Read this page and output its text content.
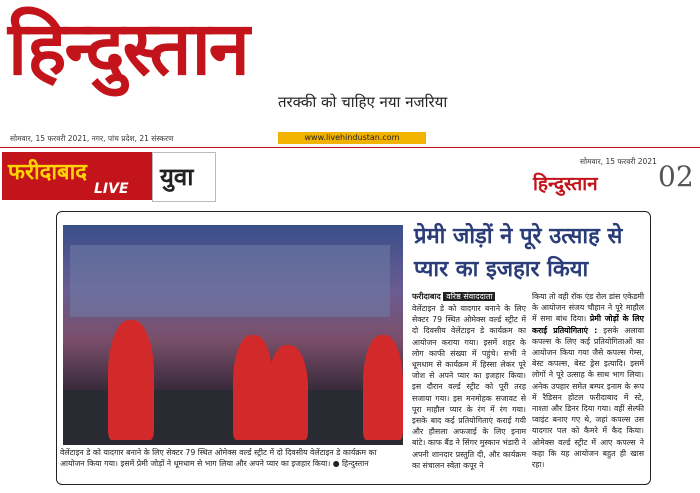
हिन्दुस्तान
तरक्की को चाहिए नया नजरिया
सोमवार, 15 फरवरी 2021, नगर, पांच प्रदेश, 21 संस्करण	www.livehindustan.com
फरीदाबाद
LIVE युवा
सोमवार, 15 फरवरी 2021
हिन्दुस्तान 02
वेलेंटाइन डे को यादगार बनाने के लिए सेक्टर 79 स्थित ओमेक्स वर्ल्ड स्ट्रीट में दो दिवसीय वेलेंटाइन डे कार्यक्रम का आयोजन किया गया। इसमें प्रेमी जोड़ों ने धूमधाम से भाग लिया और अपने प्यार का इजहार किया। ● हिन्दुस्तान
प्रेमी जोड़ों ने पूरे उत्साह से प्यार का इजहार किया
फरीदाबाद वरिष्ठ संवाददाता
वेलेंटाइन डे को यादगार बनाने के लिए सेक्टर 79 स्थित ओमेक्स वर्ल्ड स्ट्रीट में दो दिवसीय वेलेंटाइन डे कार्यक्रम का आयोजन कराया गया। इसमें शहर के लोग काफी संख्या में पहुंचे। सभी ने धूमधाम से कार्यक्रम में हिस्सा लेकर पूरे जोश से अपने प्यार का इजहार किया। इस दौरान वर्ल्ड स्ट्रीट को पूरी तरह सजाया गया। इस मनमोहक सजावट से पूरा माहौल प्यार के रंग में रंग गया। इसके बाद कई प्रतियोगिताएं कराई गयी और हौसला अफजाई के लिए इनाम बांटे। काफ बैंड ने सिंगर मुस्कान भंडारी ने अपनी शानदार प्रस्तुति दी, और कार्यक्रम का संचालन स्वेता कपूर ने
किया तो वही रॉक एंड रोल डांस एकेडमी के आयोजन संजय चौहान ने पूरे माहौल में समा बांध दिया। प्रेमी जोड़ों के लिए कराई प्रतियोगिताएं : इसके अलावा कपल्स के लिए कई प्रतियोगिताओं का आयोजन किया गया जैसे कपल्स गेम्स, बेस्ट कपल्स, बेस्ट ड्रेस इत्यादि। इसमें लोगों ने पूरे उत्साह के साथ भाग लिया। अनेक उपहार समेत बम्पर इनाम के रूप में रैडिसन होटल फरीदाबाद में स्टे, नाश्ता और डिनर दिया गया। वहीं सेल्फी प्वाइंट बनाए गए थे, जहां कपल्स उस यादगार पल को कैमरे में कैद किया। ओमेक्स वर्ल्ड स्ट्रीट में आए कपल्स ने कहा कि यह आयोजन बहुत ही खास रहा।
